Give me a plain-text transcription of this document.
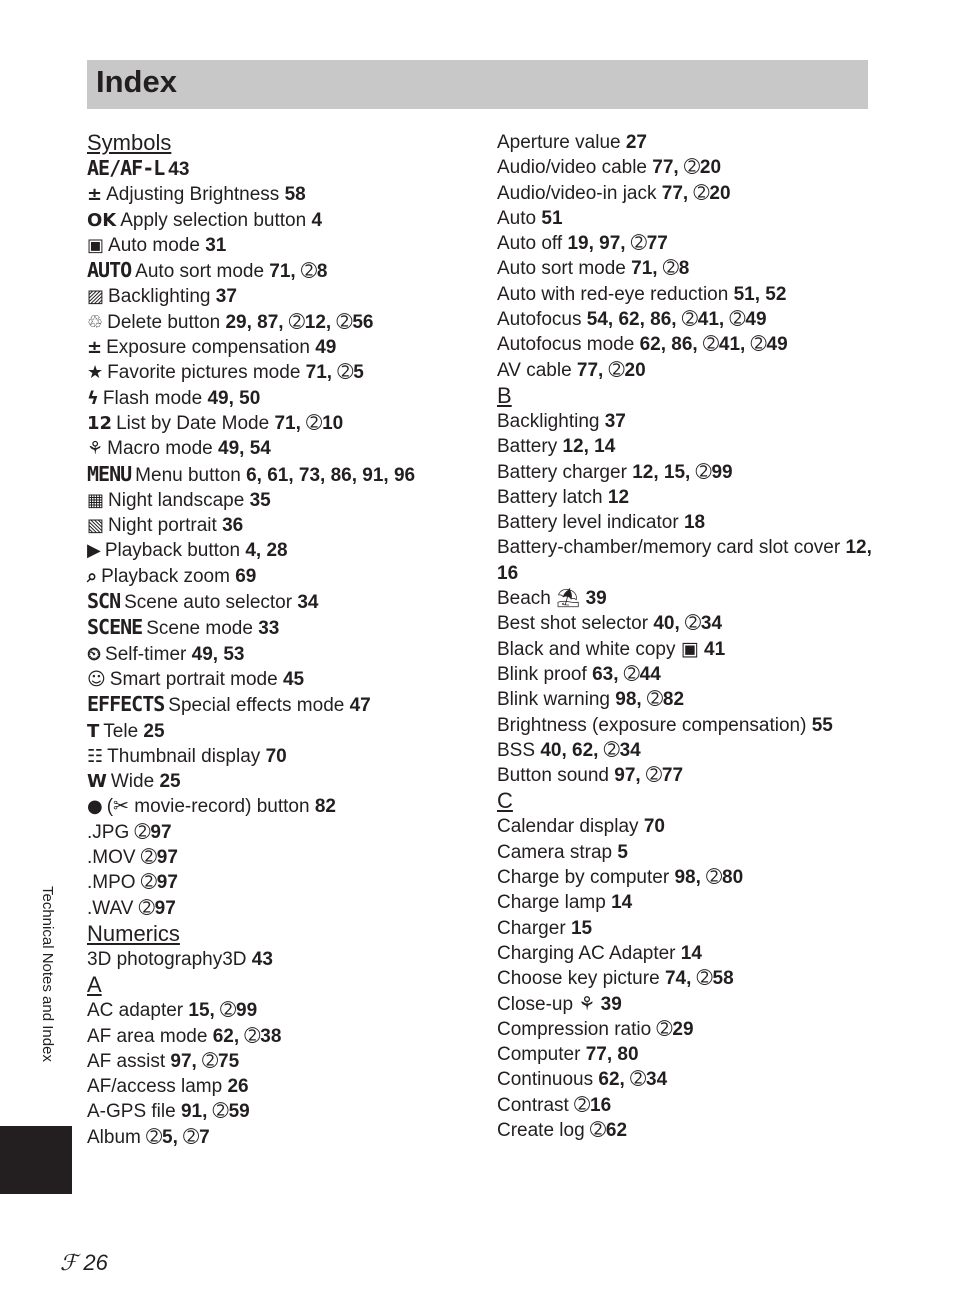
Index
Symbols
AE/AF-L 43
± Adjusting Brightness 58
OK Apply selection button 4
▣ Auto mode 31
AUTO Auto sort mode 71, ➁8
▨ Backlighting 37
♲ Delete button 29, 87, ➁12, ➁56
± Exposure compensation 49
★ Favorite pictures mode 71, ➁5
ϟ Flash mode 49, 50
12 List by Date Mode 71, ➁10
⚘ Macro mode 49, 54
MENU Menu button 6, 61, 73, 86, 91, 96
▦ Night landscape 35
▧ Night portrait 36
▶ Playback button 4, 28
⌕ Playback zoom 69
SCN Scene auto selector 34
SCENE Scene mode 33
⏲ Self-timer 49, 53
☺ Smart portrait mode 45
EFFECTS Special effects mode 47
T Tele 25
☷ Thumbnail display 70
W Wide 25
● (✂ movie-record) button 82
.JPG ➁97
.MOV ➁97
.MPO ➁97
.WAV ➁97
Numerics
3D photography3D 43
A
AC adapter 15, ➁99
AF area mode 62, ➁38
AF assist 97, ➁75
AF/access lamp 26
A-GPS file 91, ➁59
Album ➁5, ➁7
Aperture value 27
Audio/video cable 77, ➁20
Audio/video-in jack 77, ➁20
Auto 51
Auto off 19, 97, ➁77
Auto sort mode 71, ➁8
Auto with red-eye reduction 51, 52
Autofocus 54, 62, 86, ➁41, ➁49
Autofocus mode 62, 86, ➁41, ➁49
AV cable 77, ➁20
B
Backlighting 37
Battery 12, 14
Battery charger 12, 15, ➁99
Battery latch 12
Battery level indicator 18
Battery-chamber/memory card slot cover 12, 16
Beach ⛱ 39
Best shot selector 40, ➁34
Black and white copy ▣ 41
Blink proof 63, ➁44
Blink warning 98, ➁82
Brightness (exposure compensation) 55
BSS 40, 62, ➁34
Button sound 97, ➁77
C
Calendar display 70
Camera strap 5
Charge by computer 98, ➁80
Charge lamp 14
Charger 15
Charging AC Adapter 14
Choose key picture 74, ➁58
Close-up ⚘ 39
Compression ratio ➁29
Computer 77, 80
Continuous 62, ➁34
Contrast ➁16
Create log ➁62
Technical Notes and Index
ℱ 26
